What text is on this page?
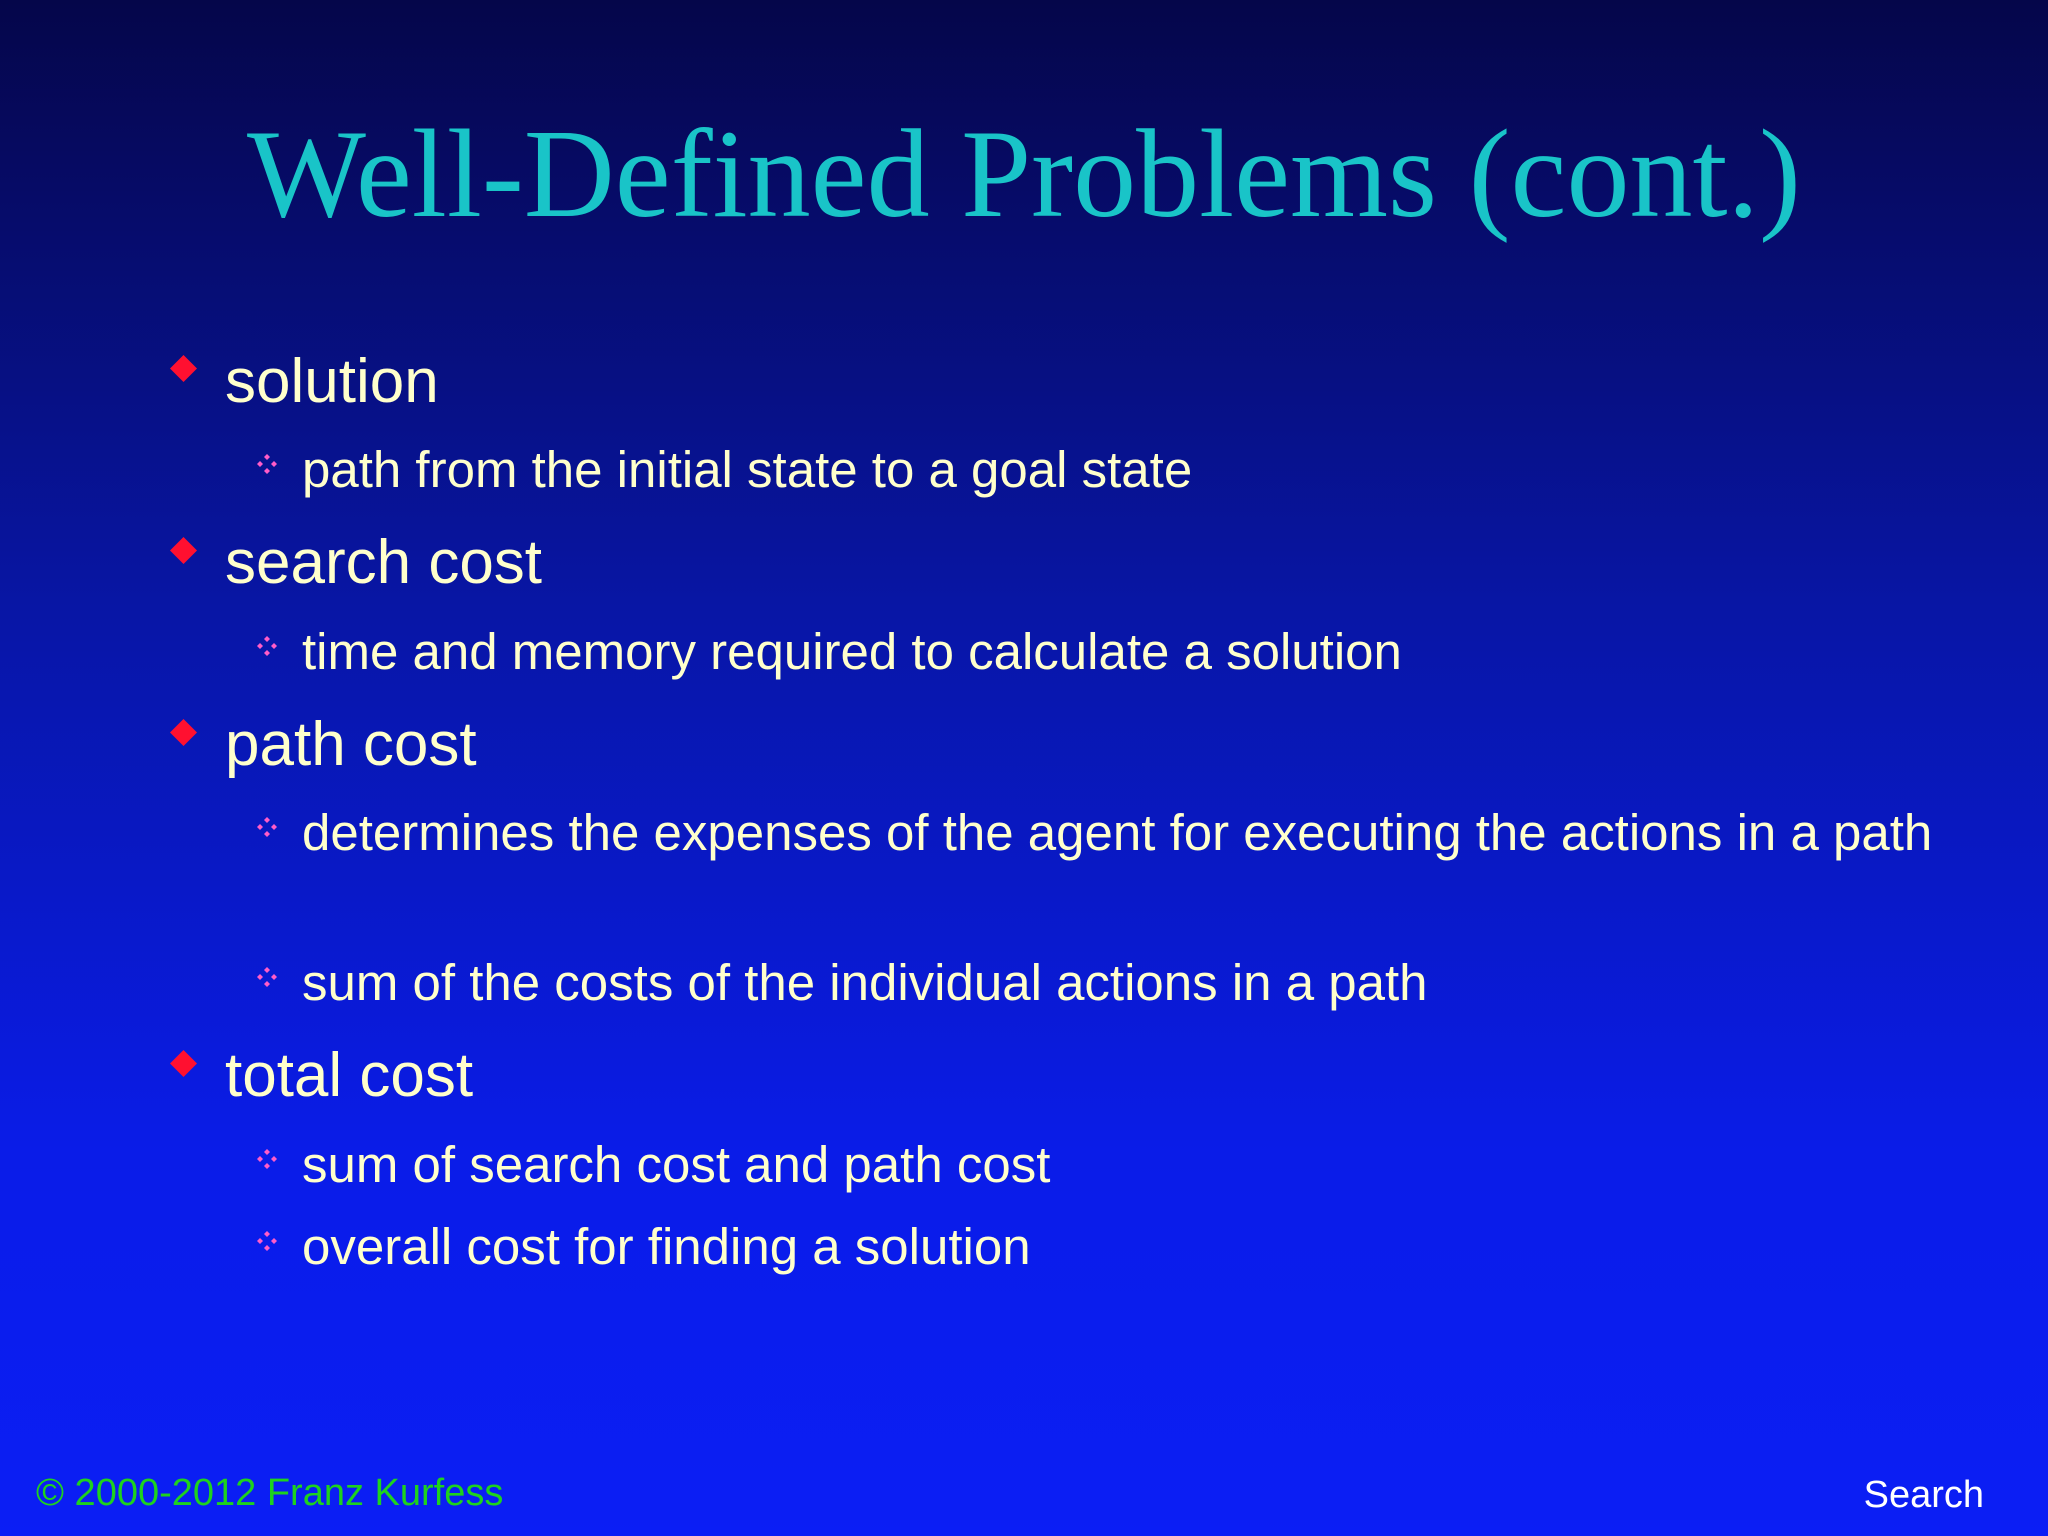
Well-Defined Problems (cont.)
solution
path from the initial state to a goal state
search cost
time and memory required to calculate a solution
path cost
determines the expenses of the agent for executing the actions in a path
sum of the costs of the individual actions in a path
total cost
sum of search cost and path cost
overall cost for finding a solution
© 2000-2012 Franz Kurfess	Search
